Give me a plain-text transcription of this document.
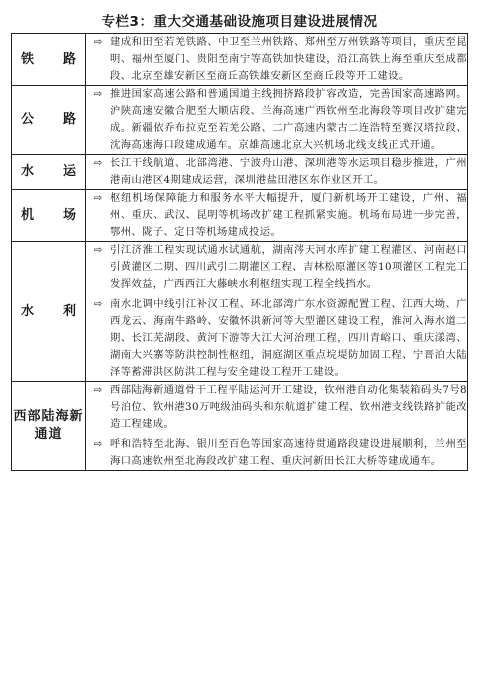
专栏3：重大交通基础设施项目建设进展情况
铁　路	⇨ 建成和田至若羌铁路、中卫至兰州铁路、郑州至万州铁路等项目，重庆至昆明、福州至厦门、贵阳至南宁等高铁加快建设，沿江高铁上海至重庆至成都段、北京至雄安新区至商丘高铁雄安新区至商丘段等开工建设。

公　路	⇨ 推进国家高速公路和普通国道主线拥挤路段扩容改造，完善国家高速路网。沪陕高速安徽合肥至大顺店段、兰海高速广西钦州至北海段等项目改扩建完成。新疆依乔布拉克至若羌公路、二广高速内蒙古二连浩特至赛汉塔拉段、沈海高速海口段建成通车。京雄高速北京大兴机场北线支线正式开通。

水　运	⇨ 长江干线航道、北部湾港、宁波舟山港、深圳港等水运项目稳步推进，广州港南山港区4期建成运营，深圳港盐田港区东作业区开工。

机　场	⇨ 枢纽机场保障能力和服务水平大幅提升，厦门新机场开工建设，广州、福州、重庆、武汉、昆明等机场改扩建工程抓紧实施。机场布局进一步完善，鄂州、陇子、定日等机场建成投运。

水　利	⇨ 引江济淮工程实现试通水试通航，湖南涔天河水库扩建工程灌区、河南赵口引黄灌区二期、四川武引二期灌区工程、吉林松原灌区等10项灌区工程完工发挥效益，广西西江大藤峡水利枢纽实现工程全线挡水。
⇨ 南水北调中线引江补汉工程、环北部湾广东水资源配置工程、江西大坳、广西龙云、海南牛路岭、安徽怀洪新河等大型灌区建设工程，淮河入海水道二期、长江芜湖段、黄河下游等大江大河治理工程，四川青峪口、重庆漾湾、湖南大兴寨等防洪控制性枢纽，洞庭湖区重点垸堤防加固工程、宁晋泊大陆泽等蓄滞洪区防洪工程与安全建设工程开工建设。

西部陆海新通道	⇨ 西部陆海新通道骨干工程平陆运河开工建设，钦州港自动化集装箱码头7号8号泊位、钦州港30万吨级油码头和东航道扩建工程、钦州港支线铁路扩能改造工程建成。
⇨ 呼和浩特至北海、银川至百色等国家高速待贯通路段建设进展顺利，兰州至海口高速钦州至北海段改扩建工程、重庆河新田长江大桥等建成通车。
